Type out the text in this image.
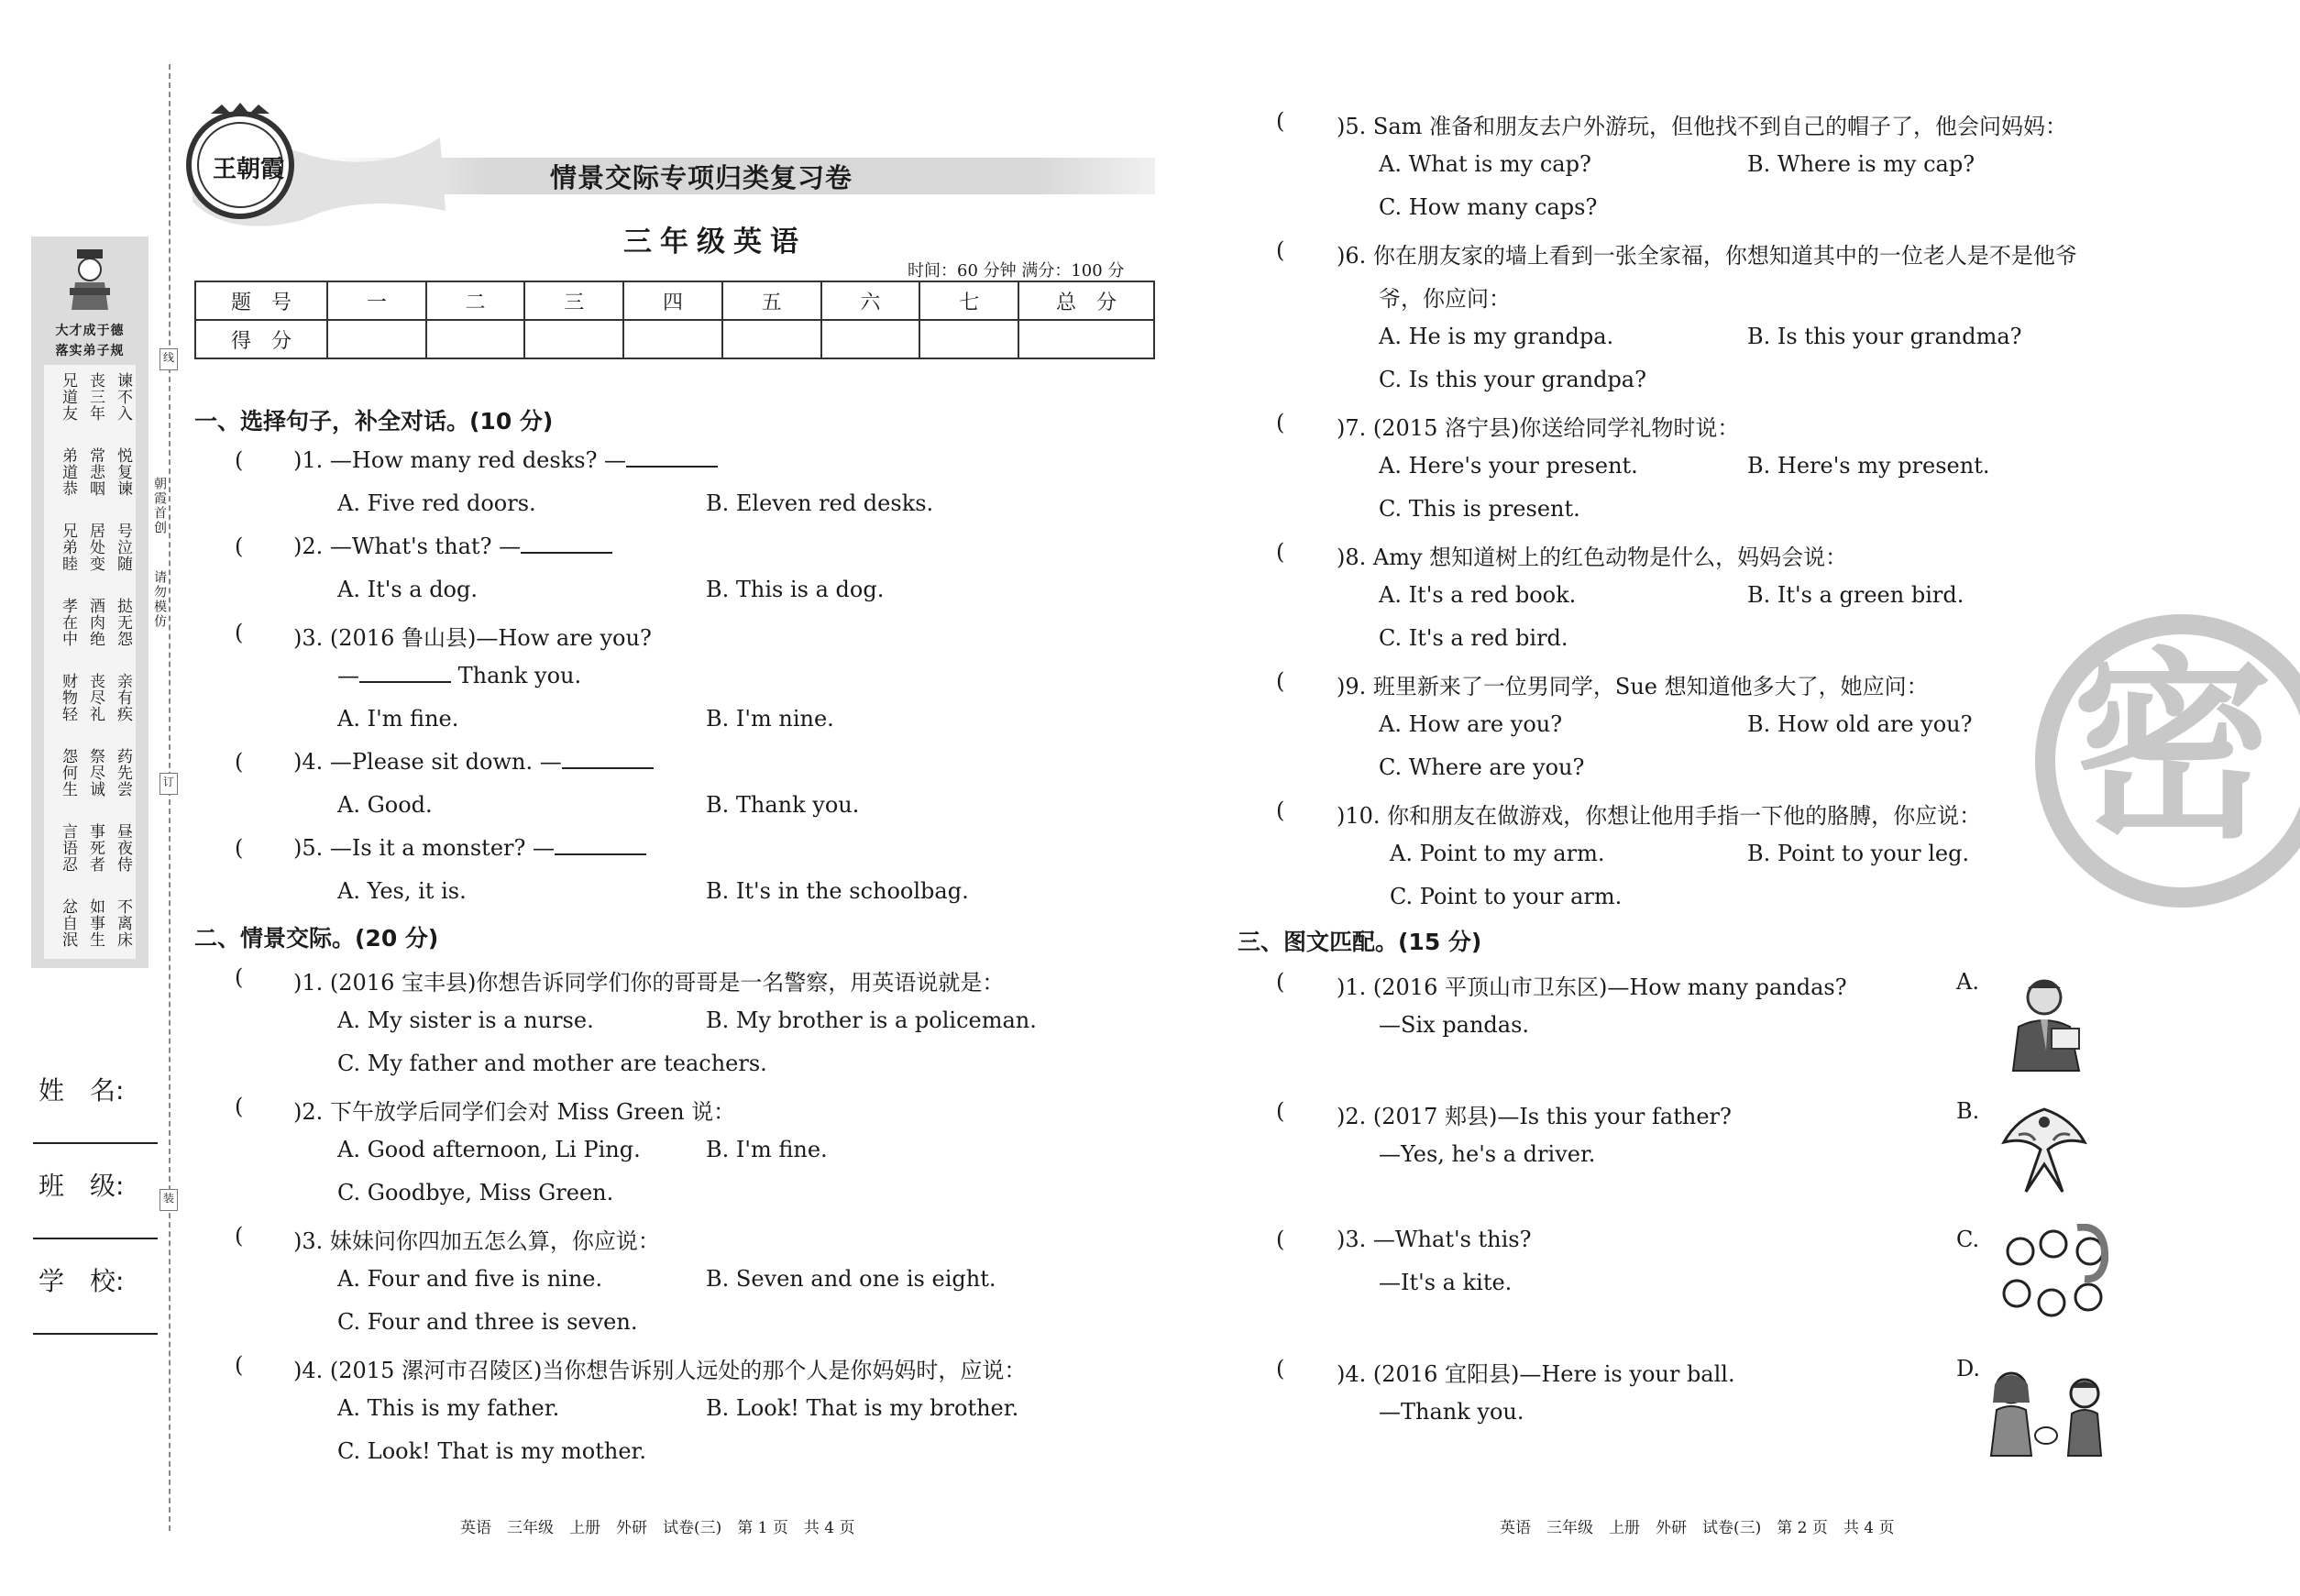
线
订
装
朝霞首创
请勿模仿
大才成于德
落实弟子规
兄道友 丧三年 谏不入
弟道恭 常悲咽 悦复谏
兄弟睦 居处变 号泣随
孝在中 酒肉绝 挞无怨
财物轻 丧尽礼 亲有疾
怨何生 祭尽诚 药先尝
言语忍 事死者 昼夜侍
忿自泯 如事生 不离床
姓　名:
班　级:
学　校:
王朝霞	情景交际专项归类复习卷
三年级英语
时间：60 分钟 满分：100 分
题　号	一	二	三	四	五	六	七	总　分
得　分								
一、选择句子，补全对话。(10 分)
( )1. —How many red desks? —
A. Five red doors.	B. Eleven red desks.
( )2. —What's that? —
A. It's a dog.	B. This is a dog.
( )3. (2016 鲁山县)—How are you?
—	Thank you.
A. I'm fine.	B. I'm nine.
( )4. —Please sit down. —
A. Good.	B. Thank you.
( )5. —Is it a monster? —
A. Yes, it is.	B. It's in the schoolbag.
二、情景交际。(20 分)
( )1. (2016 宝丰县)你想告诉同学们你的哥哥是一名警察，用英语说就是：
A. My sister is a nurse.	B. My brother is a policeman.
C. My father and mother are teachers.
( )2. 下午放学后同学们会对 Miss Green 说：
A. Good afternoon, Li Ping.	B. I'm fine.
C. Goodbye, Miss Green.
( )3. 妹妹问你四加五怎么算，你应说：
A. Four and five is nine.	B. Seven and one is eight.
C. Four and three is seven.
( )4. (2015 漯河市召陵区)当你想告诉别人远处的那个人是你妈妈时，应说：
A. This is my father.	B. Look! That is my brother.
C. Look! That is my mother.
英语　三年级　上册　外研　试卷(三)　第 1 页　共 4 页
密
( )5. Sam 准备和朋友去户外游玩，但他找不到自己的帽子了，他会问妈妈：
A. What is my cap?	B. Where is my cap?
C. How many caps?
( )6. 你在朋友家的墙上看到一张全家福，你想知道其中的一位老人是不是他爷
爷，你应问：
A. He is my grandpa.	B. Is this your grandma?
C. Is this your grandpa?
( )7. (2015 洛宁县)你送给同学礼物时说：
A. Here's your present.	B. Here's my present.
C. This is present.
( )8. Amy 想知道树上的红色动物是什么，妈妈会说：
A. It's a red book.	B. It's a green bird.
C. It's a red bird.
( )9. 班里新来了一位男同学，Sue 想知道他多大了，她应问：
A. How are you?	B. How old are you?
C. Where are you?
( )10. 你和朋友在做游戏，你想让他用手指一下他的胳膊，你应说：
A. Point to my arm.	B. Point to your leg.
C. Point to your arm.
三、图文匹配。(15 分)
( )1. (2016 平顶山市卫东区)—How many pandas?
—Six pandas.
A.
( )2. (2017 郏县)—Is this your father?
—Yes, he's a driver.
B.
( )3. —What's this?
—It's a kite.
C.
( )4. (2016 宜阳县)—Here is your ball.
—Thank you.
D.
英语　三年级　上册　外研　试卷(三)　第 2 页　共 4 页
